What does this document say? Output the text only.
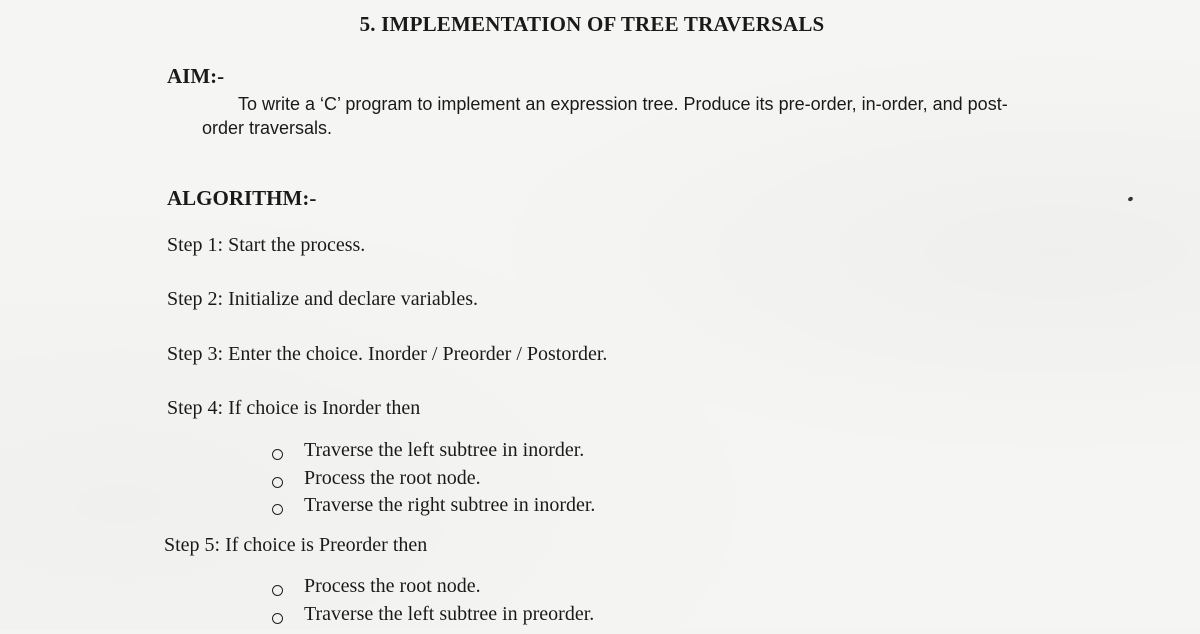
5. IMPLEMENTATION OF TREE TRAVERSALS
AIM:-
To write a ‘C’ program to implement an expression tree. Produce its pre-order, in-order, and post-order traversals.
ALGORITHM:-
Step 1: Start the process.
Step 2: Initialize and declare variables.
Step 3: Enter the choice. Inorder / Preorder / Postorder.
Step 4: If choice is Inorder then
Traverse the left subtree in inorder.
Process the root node.
Traverse the right subtree in inorder.
Step 5: If choice is Preorder then
Process the root node.
Traverse the left subtree in preorder.
